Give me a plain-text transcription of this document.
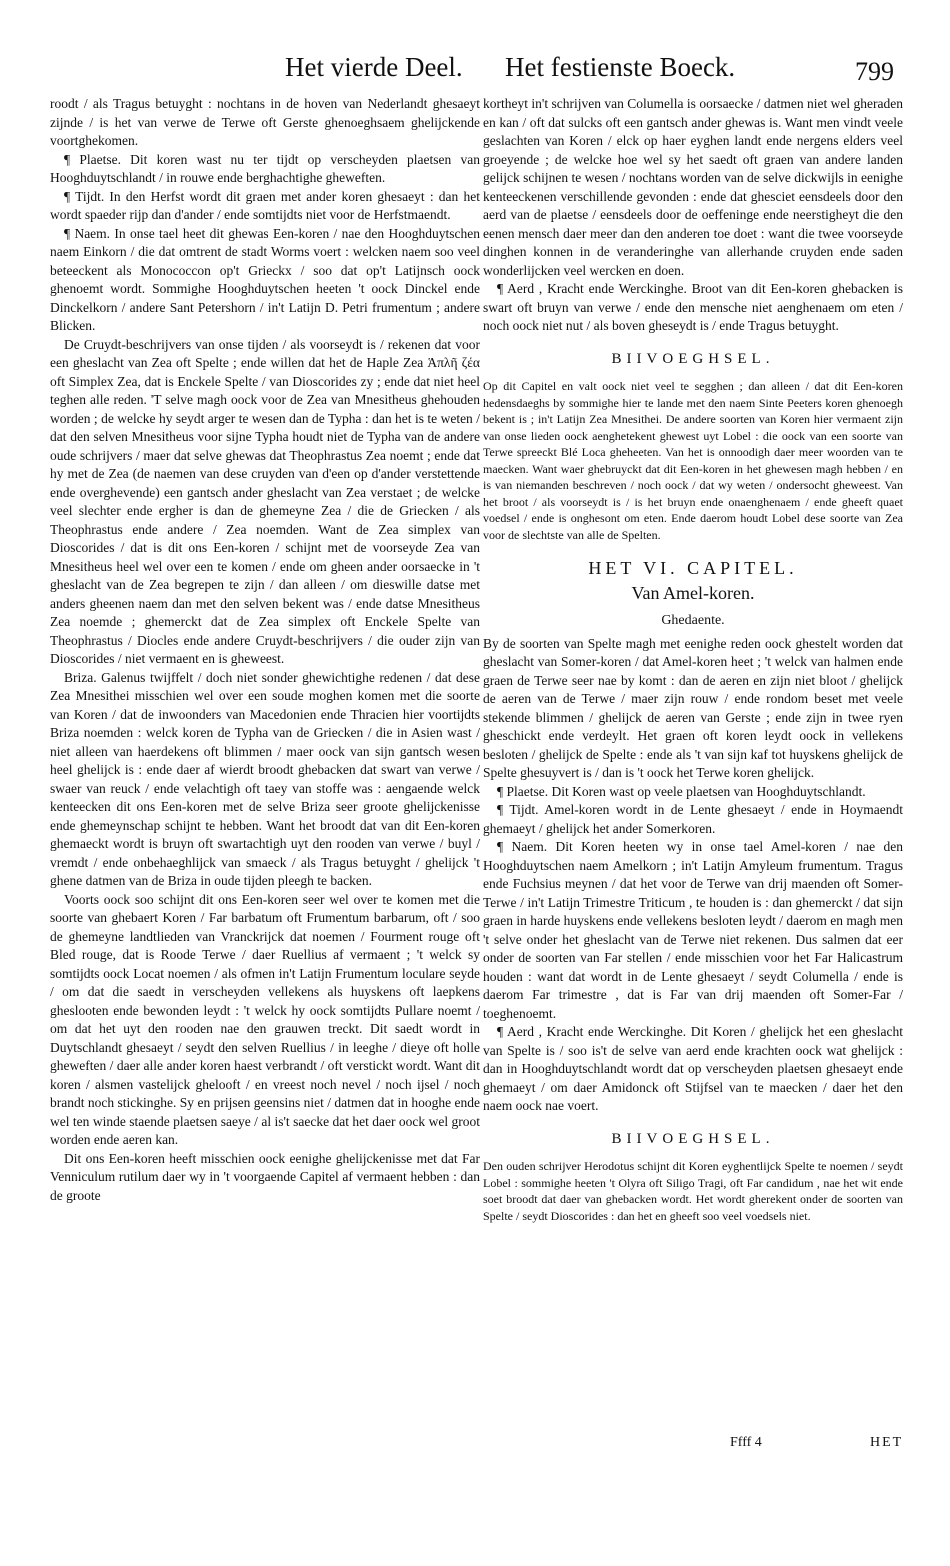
Het vierde Deel. Het festienste Boeck.	799

roodt / als Tragus betuyght : nochtans in de hoven van Nederlandt ghesaeyt zijnde / is het van verwe de Terwe oft Gerste ghenoeghsaem ghelijckende voortghekomen.

¶ Plaetse. Dit koren wast nu ter tijdt op verscheyden plaetsen van Hooghduytschlandt / in rouwe ende berghachtighe gheweften.

¶ Tijdt. In den Herfst wordt dit graen met ander koren ghesaeyt : dan het wordt spaeder rijp dan d'ander / ende somtijdts niet voor de Herfstmaendt.

¶ Naem. In onse tael heet dit ghewas Een-koren / nae den Hooghduytschen naem Einkorn / die dat omtrent de stadt Worms voert : welcken naem soo veel beteeckent als Monococcon op't Grieckx / soo dat op't Latijnsch oock ghenoemt wordt. Sommighe Hooghduytschen heeten 't oock Dinckel ende Dinckelkorn / andere Sant Petershorn / in't Latijn D. Petri frumentum ; andere Blicken.

De Cruydt-beschrijvers van onse tijden / als voorseydt is / rekenen dat voor een gheslacht van Zea oft Spelte ; ende willen dat het de Haple Zea Ἁπλῆ ζέα oft Simplex Zea, dat is Enckele Spelte / van Dioscorides zy ; ende dat niet heel teghen alle reden. 'T selve magh oock voor de Zea van Mnesitheus ghehouden worden ; de welcke hy seydt arger te wesen dan de Typha : dan het is te weten / dat den selven Mnesitheus voor sijne Typha houdt niet de Typha van de andere oude schrijvers / maer dat selve ghewas dat Theophrastus Zea noemt ; ende dat hy met de Zea (de naemen van dese cruyden van d'een op d'ander verstettende ende overghevende) een gantsch ander gheslacht van Zea verstaet ; de welcke veel slechter ende ergher is dan de ghemeyne Zea / die de Griecken / als Theophrastus ende andere / Zea noemden. Want de Zea simplex van Dioscorides / dat is dit ons Een-koren / schijnt met de voorseyde Zea van Mnesitheus heel wel over een te komen / ende om gheen ander oorsaecke in 't gheslacht van de Zea begrepen te zijn / dan alleen / om dieswille datse met anders gheenen naem dan met den selven bekent was / ende datse Mnesitheus Zea noemde ; ghemerckt dat de Zea simplex oft Enckele Spelte van Theophrastus / Diocles ende andere Cruydt-beschrijvers / die ouder zijn van Dioscorides / niet vermaent en is gheweest.

Briza. Galenus twijffelt / doch niet sonder ghewichtighe redenen / dat dese Zea Mnesithei misschien wel over een soude moghen komen met die soorte van Koren / dat de inwoonders van Macedonien ende Thracien hier voortijdts Briza noemden : welck koren de Typha van de Griecken / die in Asien wast / niet alleen van haerdekens oft blimmen / maer oock van sijn gantsch wesen heel ghelijck is : ende daer af wierdt broodt ghebacken dat swart van verwe / swaer van reuck / ende velachtigh oft taey van stoffe was : aengaende welck kenteecken dit ons Een-koren met de selve Briza seer groote ghelijckenisse ende ghemeynschap schijnt te hebben. Want het broodt dat van dit Een-koren ghemaeckt wordt is bruyn oft swartachtigh uyt den rooden van verwe / buyl / vremdt / ende onbehaeghlijck van smaeck / als Tragus betuyght / ghelijck 't ghene datmen van de Briza in oude tijden pleegh te backen.

Voorts oock soo schijnt dit ons Een-koren seer wel over te komen met die soorte van ghebaert Koren / Far barbatum oft Frumentum barbarum, oft / soo de ghemeyne landtlieden van Vranckrijck dat noemen / Fourment rouge oft Bled rouge, dat is Roode Terwe / daer Ruellius af vermaent ; 't welck sy somtijdts oock Locat noemen / als ofmen in't Latijn Frumentum loculare seyde / om dat die saedt in verscheyden vellekens als huyskens oft laepkens gheslooten ende bewonden leydt : 't welck hy oock somtijdts Pullare noemt / om dat het uyt den rooden nae den grauwen treckt. Dit saedt wordt in Duytschlandt ghesaeyt / seydt den selven Ruellius / in leeghe / dieye oft holle gheweften / daer alle ander koren haest verbrandt / oft verstickt wordt. Want dit koren / alsmen vastelijck ghelooft / en vreest noch nevel / noch ijsel / noch brandt noch stickinghe. Sy en prijsen geensins niet / datmen dat in hooghe ende wel ten winde staende plaetsen saeye / al is't saecke dat het daer oock wel groot worden ende aeren kan.

Dit ons Een-koren heeft misschien oock eenighe ghelijckenisse met dat Far Venniculum rutilum daer wy in 't voorgaende Capitel af vermaent hebben : dan de groote

kortheyt in't schrijven van Columella is oorsaecke / datmen niet wel gheraden en kan / oft dat sulcks oft een gantsch ander ghewas is. Want men vindt veele geslachten van Koren / elck op haer eyghen landt ende nergens elders veel groeyende ; de welcke hoe wel sy het saedt oft graen van andere landen gelijck schijnen te wesen / nochtans worden van de selve dickwijls in eenighe kenteeckenen verschillende gevonden : ende dat ghesciet eensdeels door den aerd van de plaetse / eensdeels door de oeffeninge ende neerstigheyt die den eenen mensch daer meer dan den anderen toe doet : want die twee voorseyde dinghen konnen in de veranderinghe van allerhande cruyden ende saden wonderlijcken veel wercken en doen.

¶ Aerd , Kracht ende Werckinghe. Broot van dit Een-koren ghebacken is swart oft bruyn van verwe / ende den mensche niet aenghenaem om eten / noch oock niet nut / als boven gheseydt is / ende Tragus betuyght.

BIIVOEGHSEL.

Op dit Capitel en valt oock niet veel te segghen ; dan alleen / dat dit Een-koren hedensdaeghs by sommighe hier te lande met den naem Sinte Peeters koren ghenoegh bekent is ; in't Latijn Zea Mnesithei. De andere soorten van Koren hier vermaent zijn van onse lieden oock aenghetekent ghewest uyt Lobel : die oock van een soorte van Terwe spreeckt Blé Loca gheheeten. Van het is onnoodigh daer meer woorden van te maecken. Want waer ghebruyckt dat dit Een-koren in het ghewesen magh hebben / en is van niemanden beschreven / noch oock / dat wy weten / ondersocht gheweest. Van het broot / als voorseydt is / is het bruyn ende onaenghenaem / ende gheeft quaet voedsel / ende is onghesont om eten. Ende daerom houdt Lobel dese soorte van Zea voor de slechtste van alle de Spelten.

HET VI. CAPITEL.

Van Amel-koren.

Ghedaente.

By de soorten van Spelte magh met eenighe reden oock ghestelt worden dat gheslacht van Somer-koren / dat Amel-koren heet ; 't welck van halmen ende graen de Terwe seer nae by komt : dan de aeren en zijn niet bloot / ghelijck de aeren van de Terwe / maer zijn rouw / ende rondom beset met veele stekende blimmen / ghelijck de aeren van Gerste ; ende zijn in twee ryen gheschickt ende verdeylt. Het graen oft koren leydt oock in vellekens besloten / ghelijck de Spelte : ende als 't van sijn kaf tot huyskens ghelijck de Spelte ghesuyvert is / dan is 't oock het Terwe koren ghelijck.

¶ Plaetse. Dit Koren wast op veele plaetsen van Hooghduytschlandt.

¶ Tijdt. Amel-koren wordt in de Lente ghesaeyt / ende in Hoymaendt ghemaeyt / ghelijck het ander Somerkoren.

¶ Naem. Dit Koren heeten wy in onse tael Amel-koren / nae den Hooghduytschen naem Amelkorn ; in't Latijn Amyleum frumentum. Tragus ende Fuchsius meynen / dat het voor de Terwe van drij maenden oft Somer-Terwe / in't Latijn Trimestre Triticum , te houden is : dan ghemerckt / dat sijn graen in harde huyskens ende vellekens besloten leydt / daerom en magh men 't selve onder het gheslacht van de Terwe niet rekenen. Dus salmen dat eer onder de soorten van Far stellen / ende misschien voor het Far Halicastrum houden : want dat wordt in de Lente ghesaeyt / seydt Columella / ende is daerom Far trimestre , dat is Far van drij maenden oft Somer-Far / toeghenoemt.

¶ Aerd , Kracht ende Werckinghe. Dit Koren / ghelijck het een gheslacht van Spelte is / soo is't de selve van aerd ende krachten oock wat ghelijck : dan in Hooghduytschlandt wordt dat op verscheyden plaetsen ghesaeyt ende ghemaeyt / om daer Amidonck oft Stijfsel van te maecken / daer het den naem oock nae voert.

BIIVOEGHSEL.

Den ouden schrijver Herodotus schijnt dit Koren eyghentlijck Spelte te noemen / seydt Lobel : sommighe heeten 't Olyra oft Siligo Tragi, oft Far candidum , nae het wit ende soet broodt dat daer van ghebacken wordt. Het wordt gherekent onder de soorten van Spelte / seydt Dioscorides : dan het en gheeft soo veel voedsels niet.

Ffff 4	HET
